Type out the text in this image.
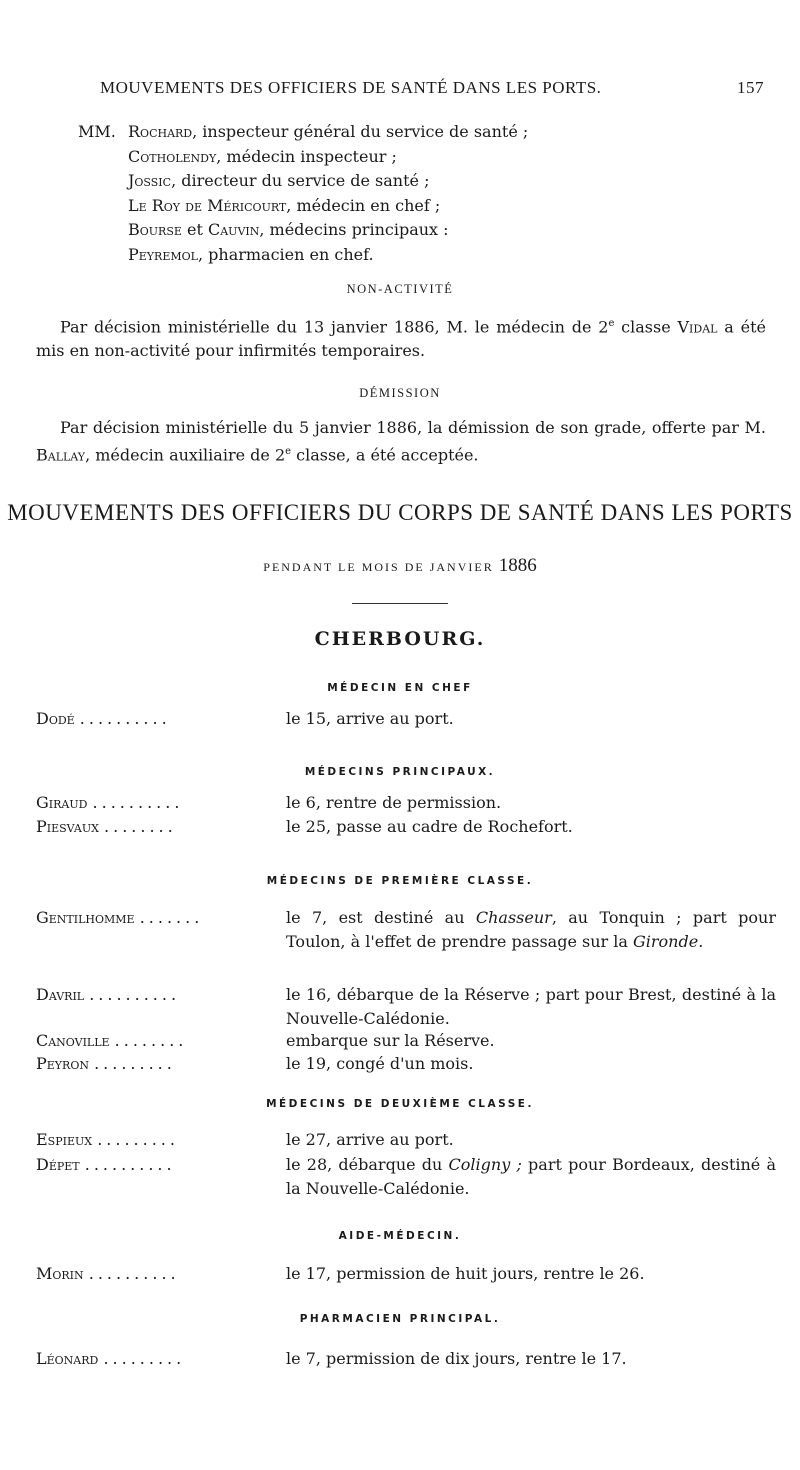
MOUVEMENTS DES OFFICIERS DE SANTÉ DANS LES PORTS.	157
MM. Rochard, inspecteur général du service de santé ;
Cotholendy, médecin inspecteur ;
Jossic, directeur du service de santé ;
Le Roy de Méricourt, médecin en chef ;
Bourse et Cauvin, médecins principaux :
Peyremol, pharmacien en chef.
NON-ACTIVITÉ
Par décision ministérielle du 13 janvier 1886, M. le médecin de 2e classe Vidal a été mis en non-activité pour infirmités temporaires.
DÉMISSION
Par décision ministérielle du 5 janvier 1886, la démission de son grade, offerte par M. Ballay, médecin auxiliaire de 2e classe, a été acceptée.
MOUVEMENTS DES OFFICIERS DU CORPS DE SANTÉ DANS LES PORTS
PENDANT LE MOIS DE JANVIER 1886
CHERBOURG.
MÉDECIN EN CHEF
Dodé ..........	le 15, arrive au port.
MÉDECINS PRINCIPAUX.
Giraud ..........	le 6, rentre de permission.
Piesvaux ........	le 25, passe au cadre de Rochefort.
MÉDECINS DE PREMIÈRE CLASSE.
Gentilhomme .......	le 7, est destiné au Chasseur, au Tonquin ; part pour Toulon, à l'effet de prendre passage sur la Gironde.
Davril ..........	le 16, débarque de la Réserve ; part pour Brest, destiné à la Nouvelle-Calédonie.
Canoville ........	embarque sur la Réserve.
Peyron .........	le 19, congé d'un mois.
MÉDECINS DE DEUXIÈME CLASSE.
Espieux .........	le 27, arrive au port.
Dépet ..........	le 28, débarque du Coligny ; part pour Bordeaux, destiné à la Nouvelle-Calédonie.
AIDE-MÉDECIN.
Morin ..........	le 17, permission de huit jours, rentre le 26.
PHARMACIEN PRINCIPAL.
Léonard .........	le 7, permission de dix jours, rentre le 17.
